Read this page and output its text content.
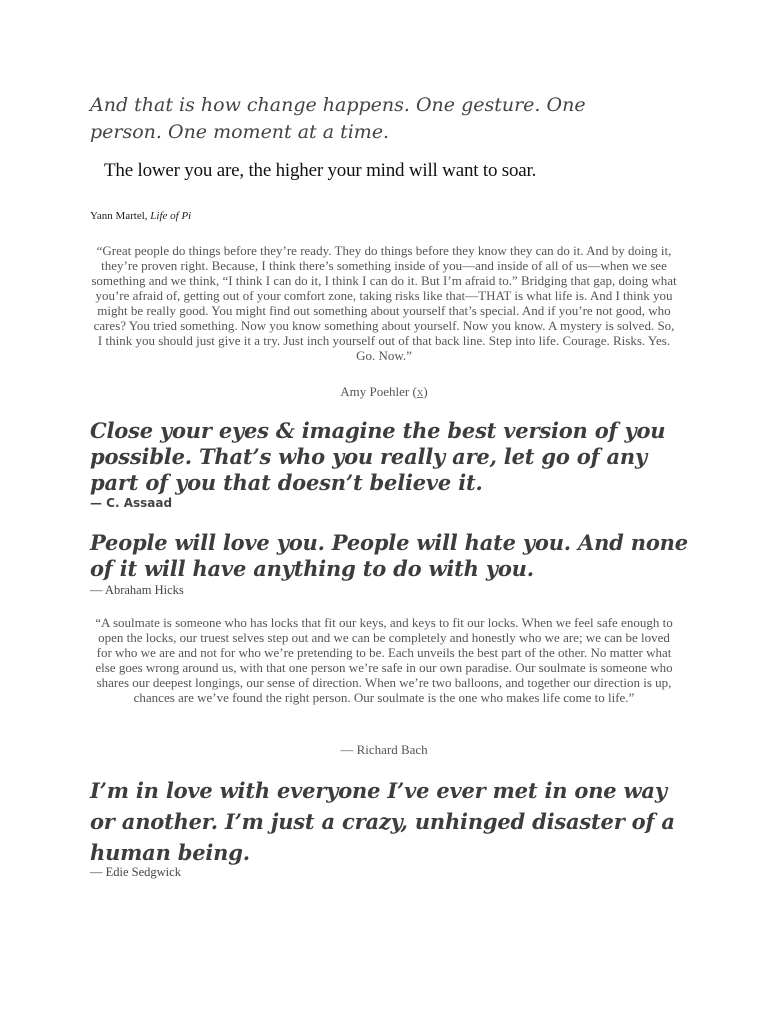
And that is how change happens. One gesture. One person. One moment at a time.
The lower you are, the higher your mind will want to soar.
Yann Martel, Life of Pi
“Great people do things before they’re ready. They do things before they know they can do it. And by doing it, they’re proven right. Because, I think there’s something inside of you—and inside of all of us—when we see something and we think, “I think I can do it, I think I can do it. But I’m afraid to.” Bridging that gap, doing what you’re afraid of, getting out of your comfort zone, taking risks like that—THAT is what life is. And I think you might be really good. You might find out something about yourself that’s special. And if you’re not good, who cares? You tried something. Now you know something about yourself. Now you know. A mystery is solved. So, I think you should just give it a try. Just inch yourself out of that back line. Step into life. Courage. Risks. Yes. Go. Now.”
Amy Poehler (x)
Close your eyes & imagine the best version of you possible. That’s who you really are, let go of any part of you that doesn’t believe it.
— C. Assaad
People will love you. People will hate you. And none of it will have anything to do with you.
— Abraham Hicks
“A soulmate is someone who has locks that fit our keys, and keys to fit our locks. When we feel safe enough to open the locks, our truest selves step out and we can be completely and honestly who we are; we can be loved for who we are and not for who we’re pretending to be. Each unveils the best part of the other. No matter what else goes wrong around us, with that one person we’re safe in our own paradise. Our soulmate is someone who shares our deepest longings, our sense of direction. When we’re two balloons, and together our direction is up, chances are we’ve found the right person. Our soulmate is the one who makes life come to life.”
— Richard Bach
I’m in love with everyone I’ve ever met in one way or another. I’m just a crazy, unhinged disaster of a human being.
— Edie Sedgwick
